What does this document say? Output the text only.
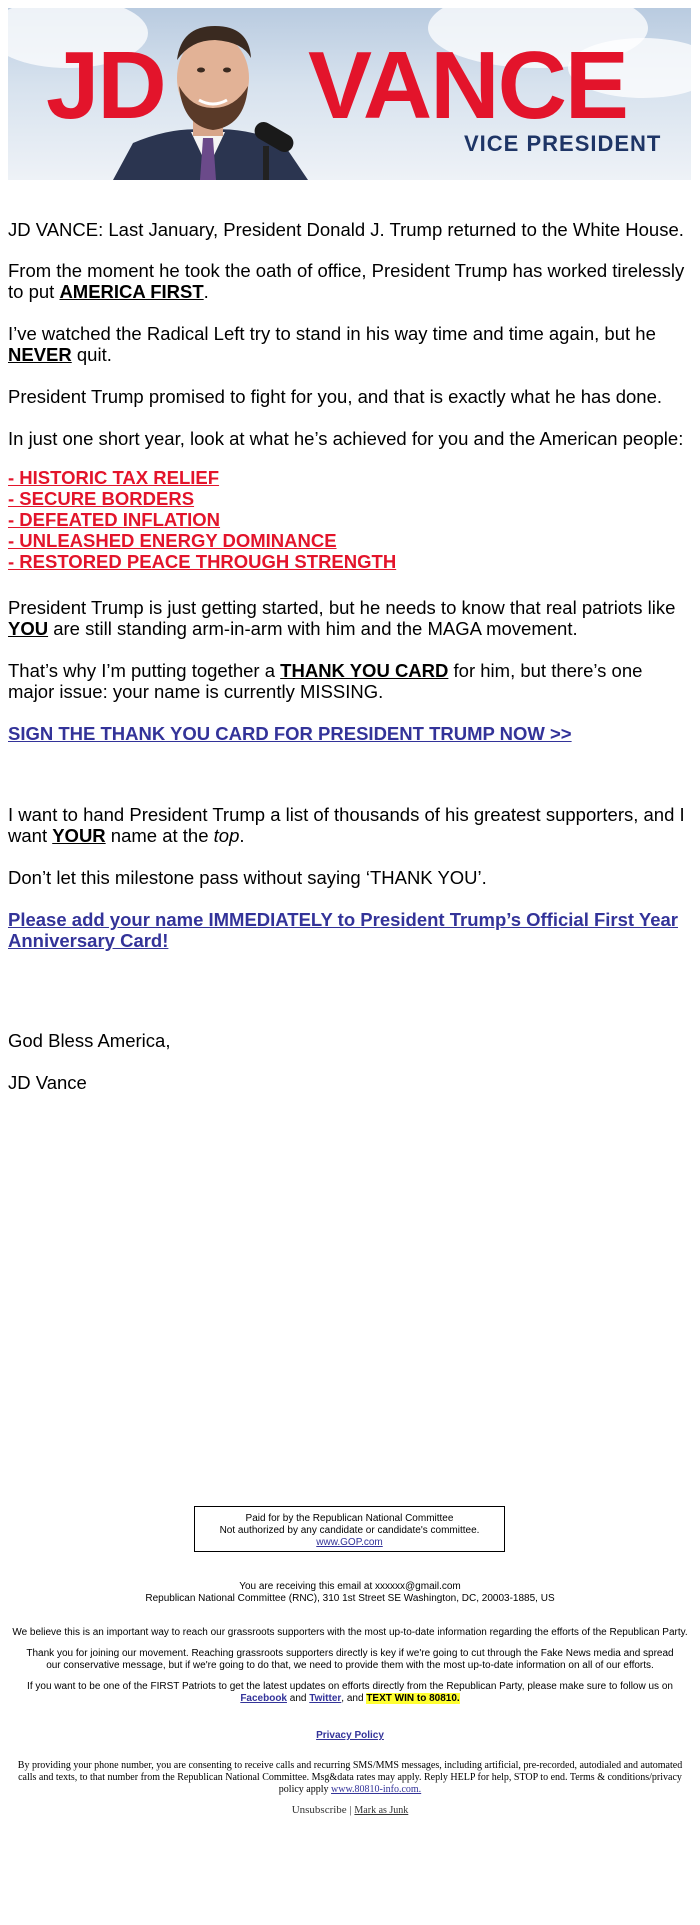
JD VANCE
VICE PRESIDENT
JD VANCE: Last January, President Donald J. Trump returned to the White House.
From the moment he took the oath of office, President Trump has worked tirelessly to put AMERICA FIRST.
I’ve watched the Radical Left try to stand in his way time and time again, but he NEVER quit.
President Trump promised to fight for you, and that is exactly what he has done.
In just one short year, look at what he’s achieved for you and the American people:
- HISTORIC TAX RELIEF
- SECURE BORDERS
- DEFEATED INFLATION
- UNLEASHED ENERGY DOMINANCE
- RESTORED PEACE THROUGH STRENGTH
President Trump is just getting started, but he needs to know that real patriots like YOU are still standing arm-in-arm with him and the MAGA movement.
That’s why I’m putting together a THANK YOU CARD for him, but there’s one major issue: your name is currently MISSING.
SIGN THE THANK YOU CARD FOR PRESIDENT TRUMP NOW >>
I want to hand President Trump a list of thousands of his greatest supporters, and I want YOUR name at the top.
Don’t let this milestone pass without saying ‘THANK YOU’.
Please add your name IMMEDIATELY to President Trump’s Official First Year Anniversary Card!
God Bless America,
JD Vance
Paid for by the Republican National Committee
Not authorized by any candidate or candidate's committee.
www.GOP.com
You are receiving this email at xxxxxx@gmail.com
Republican National Committee (RNC), 310 1st Street SE Washington, DC, 20003-1885, US
We believe this is an important way to reach our grassroots supporters with the most up-to-date information regarding the efforts of the Republican Party.
Thank you for joining our movement. Reaching grassroots supporters directly is key if we're going to cut through the Fake News media and spread our conservative message, but if we're going to do that, we need to provide them with the most up-to-date information on all of our efforts.
If you want to be one of the FIRST Patriots to get the latest updates on efforts directly from the Republican Party, please make sure to follow us on Facebook and Twitter, and TEXT WIN to 80810.
Privacy Policy
By providing your phone number, you are consenting to receive calls and recurring SMS/MMS messages, including artificial, pre-recorded, autodialed and automated calls and texts, to that number from the Republican National Committee. Msg&data rates may apply. Reply HELP for help, STOP to end. Terms & conditions/privacy policy apply www.80810-info.com.
Unsubscribe | Mark as Junk
